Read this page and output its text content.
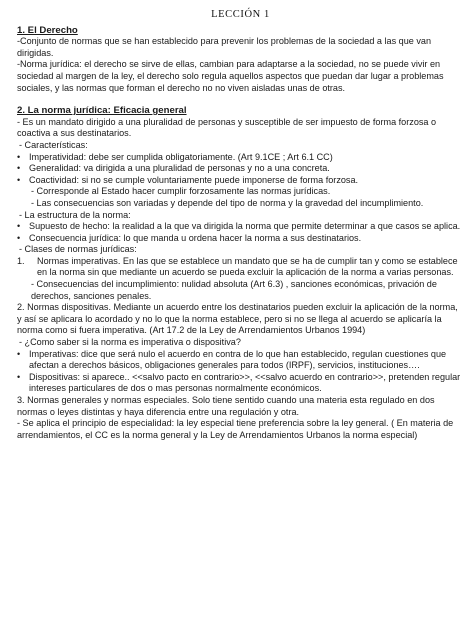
LECCIÓN 1
1. El Derecho

-Conjunto de normas que se han establecido para prevenir los problemas de la sociedad a las que van dirigidas.

-Norma jurídica: el derecho se sirve de ellas, cambian para adaptarse a la sociedad, no se puede vivir en sociedad al margen de la ley, el derecho solo regula aquellos aspectos que puedan dar lugar a problemas sociales, y las normas que forman el derecho no no viven aisladas unas de otras.

2. La norma jurídica: Eficacia general

- Es un mandato dirigido a una pluralidad de personas y susceptible de ser impuesto de forma forzosa o coactiva a sus destinatarios.

- Características:

• Imperatividad: debe ser cumplida obligatoriamente. (Art 9.1CE ; Art 6.1 CC)
• Generalidad: va dirigida a una pluralidad de personas y no a una concreta.
• Coactividad: si no se cumple voluntariamente puede imponerse de forma forzosa.

- Corresponde al Estado hacer cumplir forzosamente las normas jurídicas.

- Las consecuencias son variadas y depende del tipo de norma y la gravedad del incumplimiento.

- La estructura de la norma:

• Supuesto de hecho: la realidad a la que va dirigida la norma que permite determinar a que casos se aplica.
• Consecuencia jurídica: lo que manda u ordena hacer la norma a sus destinatarios.

- Clases de normas jurídicas:

1. Normas imperativas. En las que se establece un mandato que se ha de cumplir tan y como se establece en la norma sin que mediante un acuerdo se pueda excluir la aplicación de la norma a varias personas.

- Consecuencias del incumplimiento: nulidad absoluta (Art 6.3) , sanciones económicas, privación de derechos, sanciones penales.

2. Normas dispositivas. Mediante un acuerdo entre los destinatarios pueden excluir la aplicación de la norma, y así se aplicara lo acordado y no lo que la norma establece, pero si no se llega al acuerdo se aplicaría la norma como si fuera imperativa. (Art 17.2 de la Ley de Arrendamientos Urbanos 1994)

- ¿Como saber si la norma es imperativa o dispositiva?

• Imperativas: dice que será nulo el acuerdo en contra de lo que han establecido, regulan cuestiones que afectan a derechos básicos, obligaciones generales para todos (IRPF), servicios, instituciones….
• Dispositivas: si aparece.. <<salvo pacto en contrario>>, <<salvo acuerdo en contrario>>, pretenden regular intereses particulares de dos o mas personas normalmente económicos.

3. Normas generales y normas especiales. Solo tiene sentido cuando una materia esta regulado en dos normas o leyes distintas y haya diferencia entre una regulación y otra.

- Se aplica el principio de especialidad: la ley especial tiene preferencia sobre la ley general. ( En materia de arrendamientos, el CC es la norma general y la Ley de Arrendamientos Urbanos la norma especial)
